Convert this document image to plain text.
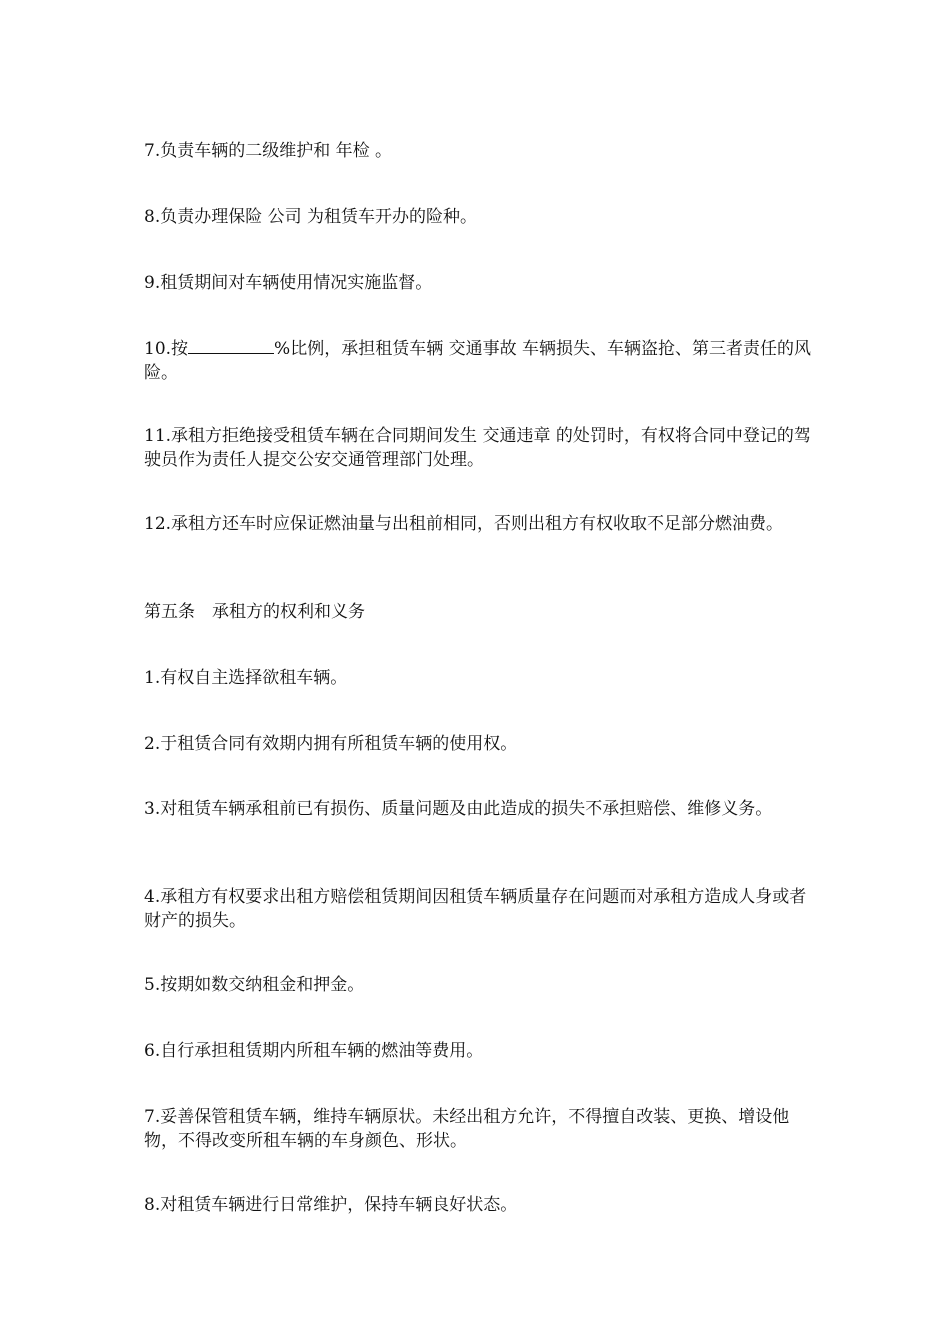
7.负责车辆的二级维护和 年检 。

8.负责办理保险 公司 为租赁车开办的险种。

9.租赁期间对车辆使用情况实施监督。

10.按	%比例，承担租赁车辆 交通事故 车辆损失、车辆盗抢、第三者责任的风险。

11.承租方拒绝接受租赁车辆在合同期间发生 交通违章 的处罚时，有权将合同中登记的驾驶员作为责任人提交公安交通管理部门处理。

12.承租方还车时应保证燃油量与出租前相同，否则出租方有权收取不足部分燃油费。

第五条　承租方的权利和义务

1.有权自主选择欲租车辆。

2.于租赁合同有效期内拥有所租赁车辆的使用权。

3.对租赁车辆承租前已有损伤、质量问题及由此造成的损失不承担赔偿、维修义务。

4.承租方有权要求出租方赔偿租赁期间因租赁车辆质量存在问题而对承租方造成人身或者财产的损失。

5.按期如数交纳租金和押金。

6.自行承担租赁期内所租车辆的燃油等费用。

7.妥善保管租赁车辆，维持车辆原状。未经出租方允许，不得擅自改装、更换、增设他物，不得改变所租车辆的车身颜色、形状。

8.对租赁车辆进行日常维护，保持车辆良好状态。
